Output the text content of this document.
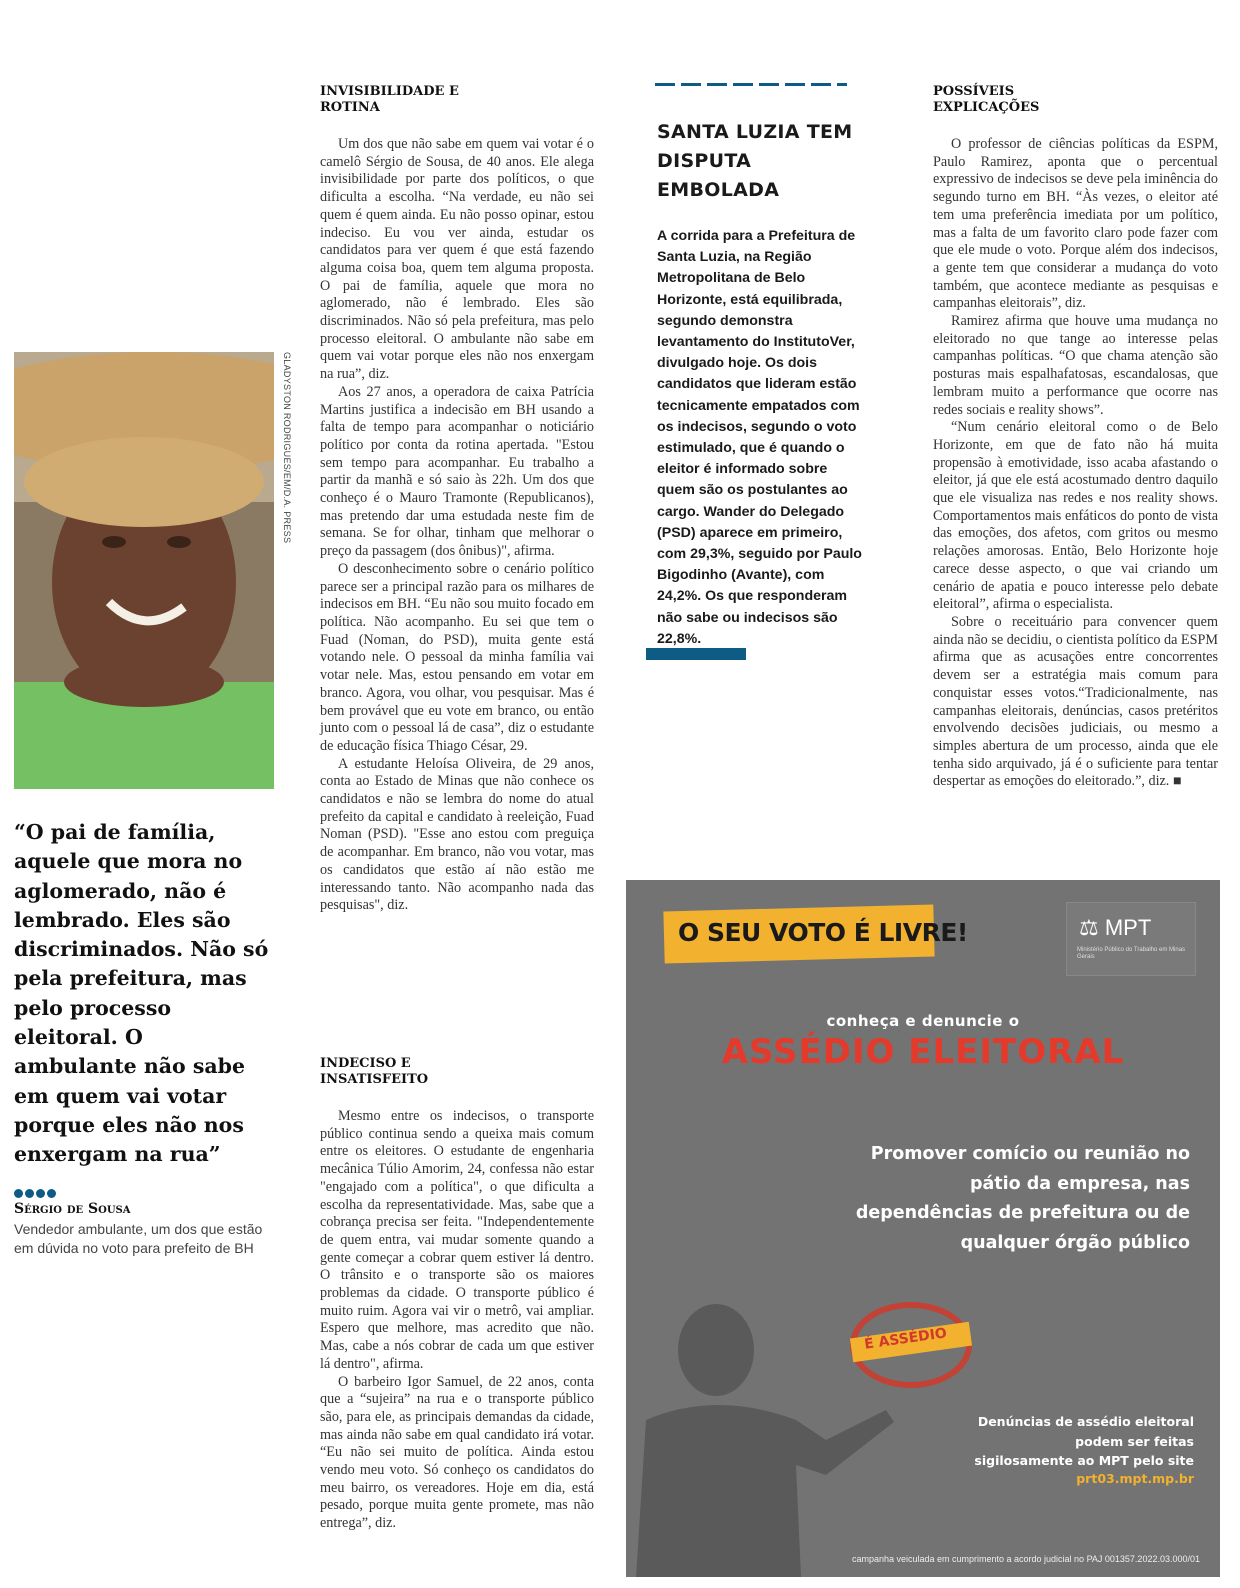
GLADYSTON RODRIGUES/EM/D.A. PRESS
“O pai de família, aquele que mora no aglomerado, não é lembrado. Eles são discriminados. Não só pela prefeitura, mas pelo processo eleitoral. O ambulante não sabe em quem vai votar porque eles não nos enxergam na rua”
Sérgio de Sousa
Vendedor ambulante, um dos que estão em dúvida no voto para prefeito de BH
INVISIBILIDADE E ROTINA

Um dos que não sabe em quem vai votar é o camelô Sérgio de Sousa, de 40 anos. Ele alega invisibilidade por parte dos políticos, o que dificulta a escolha. “Na verdade, eu não sei quem é quem ainda. Eu não posso opinar, estou indeciso. Eu vou ver ainda, estudar os candidatos para ver quem é que está fazendo alguma coisa boa, quem tem alguma proposta. O pai de família, aquele que mora no aglomerado, não é lembrado. Eles são discriminados. Não só pela prefeitura, mas pelo processo eleitoral. O ambulante não sabe em quem vai votar porque eles não nos enxergam na rua”, diz.

Aos 27 anos, a operadora de caixa Patrícia Martins justifica a indecisão em BH usando a falta de tempo para acompanhar o noticiário político por conta da rotina apertada. "Estou sem tempo para acompanhar. Eu trabalho a partir da manhã e só saio às 22h. Um dos que conheço é o Mauro Tramonte (Republicanos), mas pretendo dar uma estudada neste fim de semana. Se for olhar, tinham que melhorar o preço da passagem (dos ônibus)", afirma.

O desconhecimento sobre o cenário político parece ser a principal razão para os milhares de indecisos em BH. “Eu não sou muito focado em política. Não acompanho. Eu sei que tem o Fuad (Noman, do PSD), muita gente está votando nele. O pessoal da minha família vai votar nele. Mas, estou pensando em votar em branco. Agora, vou olhar, vou pesquisar. Mas é bem provável que eu vote em branco, ou então junto com o pessoal lá de casa”, diz o estudante de educação física Thiago César, 29.

A estudante Heloísa Oliveira, de 29 anos, conta ao Estado de Minas que não conhece os candidatos e não se lembra do nome do atual prefeito da capital e candidato à reeleição, Fuad Noman (PSD). "Esse ano estou com preguiça de acompanhar. Em branco, não vou votar, mas os candidatos que estão aí não estão me interessando tanto. Não acompanho nada das pesquisas", diz.

INDECISO E INSATISFEITO

Mesmo entre os indecisos, o transporte público continua sendo a queixa mais comum entre os eleitores. O estudante de engenharia mecânica Túlio Amorim, 24, confessa não estar "engajado com a política", o que dificulta a escolha da representatividade. Mas, sabe que a cobrança precisa ser feita. "Independentemente de quem entra, vai mudar somente quando a gente começar a cobrar quem estiver lá dentro. O trânsito e o transporte são os maiores problemas da cidade. O transporte público é muito ruim. Agora vai vir o metrô, vai ampliar. Espero que melhore, mas acredito que não. Mas, cabe a nós cobrar de cada um que estiver lá dentro", afirma.

O barbeiro Igor Samuel, de 22 anos, conta que a “sujeira” na rua e o transporte público são, para ele, as principais demandas da cidade, mas ainda não sabe em qual candidato irá votar. “Eu não sei muito de política. Ainda estou vendo meu voto. Só conheço os candidatos do meu bairro, os vereadores. Hoje em dia, está pesado, porque muita gente promete, mas não entrega”, diz.

SANTA LUZIA TEM DISPUTA EMBOLADA
A corrida para a Prefeitura de Santa Luzia, na Região Metropolitana de Belo Horizonte, está equilibrada, segundo demonstra levantamento do InstitutoVer, divulgado hoje. Os dois candidatos que lideram estão tecnicamente empatados com os indecisos, segundo o voto estimulado, que é quando o eleitor é informado sobre quem são os postulantes ao cargo. Wander do Delegado (PSD) aparece em primeiro, com 29,3%, seguido por Paulo Bigodinho (Avante), com 24,2%. Os que responderam não sabe ou indecisos são 22,8%.
POSSÍVEIS EXPLICAÇÕES

O professor de ciências políticas da ESPM, Paulo Ramirez, aponta que o percentual expressivo de indecisos se deve pela iminência do segundo turno em BH. “Às vezes, o eleitor até tem uma preferência imediata por um político, mas a falta de um favorito claro pode fazer com que ele mude o voto. Porque além dos indecisos, a gente tem que considerar a mudança do voto também, que acontece mediante as pesquisas e campanhas eleitorais”, diz.

Ramirez afirma que houve uma mudança no eleitorado no que tange ao interesse pelas campanhas políticas. “O que chama atenção são posturas mais espalhafatosas, escandalosas, que lembram muito a performance que ocorre nas redes sociais e reality shows”.

“Num cenário eleitoral como o de Belo Horizonte, em que de fato não há muita propensão à emotividade, isso acaba afastando o eleitor, já que ele está acostumado dentro daquilo que ele visualiza nas redes e nos reality shows. Comportamentos mais enfáticos do ponto de vista das emoções, dos afetos, com gritos ou mesmo relações amorosas. Então, Belo Horizonte hoje carece desse aspecto, o que vai criando um cenário de apatia e pouco interesse pelo debate eleitoral”, afirma o especialista.

Sobre o receituário para convencer quem ainda não se decidiu, o cientista político da ESPM afirma que as acusações entre concorrentes devem ser a estratégia mais comum para conquistar esses votos.“Tradicionalmente, nas campanhas eleitorais, denúncias, casos pretéritos envolvendo decisões judiciais, ou mesmo a simples abertura de um processo, ainda que ele tenha sido arquivado, já é o suficiente para tentar despertar as emoções do eleitorado.”, diz. ■

O SEU VOTO É LIVRE!	⚖ MPT
Ministério Público do Trabalho em Minas Gerais
conheça e denuncie o
ASSÉDIO ELEITORAL
Promover comício ou reunião no pátio da empresa, nas dependências de prefeitura ou de qualquer órgão público
É ASSÉDIO
Denúncias de assédio eleitoral podem ser feitas sigilosamente ao MPT pelo site
prt03.mpt.mp.br
campanha veiculada em cumprimento a acordo judicial no PAJ 001357.2022.03.000/01
